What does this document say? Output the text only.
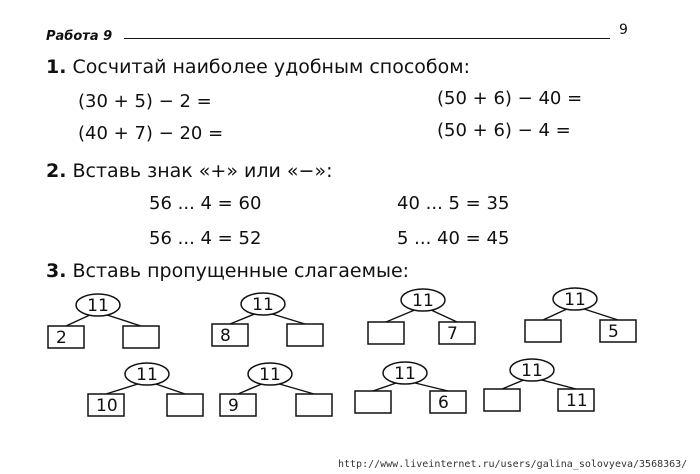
Работа 9	9
1. Сосчитай наиболее удобным способом:
(30 + 5) − 2 =
(40 + 7) − 20 =
(50 + 6) − 40 =
(50 + 6) − 4 =
2. Вставь знак «+» или «−»:
56 ... 4 = 60
56 ... 4 = 52
40 ... 5 = 35
5 ... 40 = 45
3. Вставь пропущенные слагаемые:
11
2
11
8
11
7
11
5
11
10
11
9
11
6
11
11
http://www.liveinternet.ru/users/galina_solovyeva/3568363/
